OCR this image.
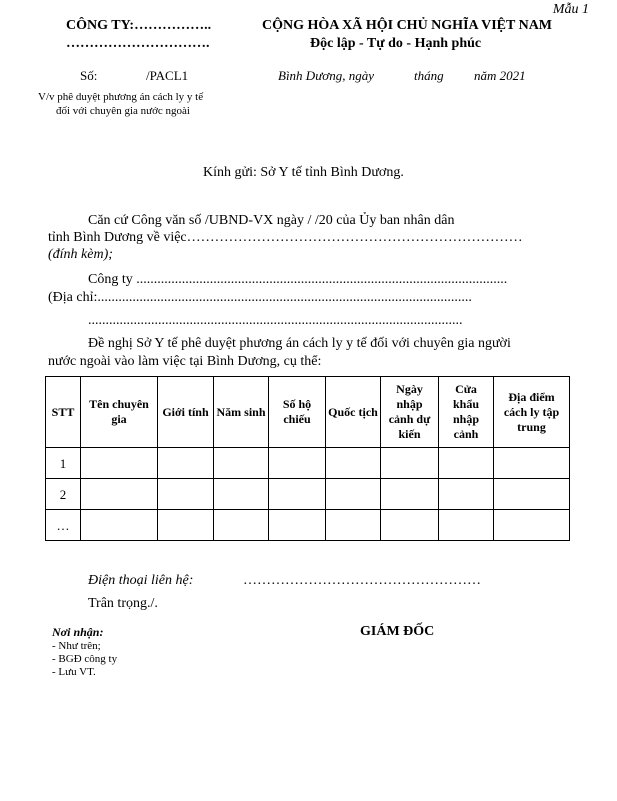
Mẫu 1
CÔNG TY:……………..
………………………….
CỘNG HÒA XÃ HỘI CHỦ NGHĨA VIỆT NAM
Độc lập - Tự do - Hạnh phúc
Số:	/PACL1	Bình Dương, ngày	tháng năm 2021
V/v phê duyệt phương án cách ly y tế
đối với chuyên gia nước ngoài
Kính gửi: Sở Y tế tỉnh Bình Dương.
Căn cứ Công văn số /UBND-VX ngày / /20 của Ủy ban nhân dân
tỉnh Bình Dương về việc………………………………………………………………
(đính kèm);
Công ty ..........................................................................................................
(Địa chỉ:...........................................................................................................
...........................................................................................................
Đề nghị Sở Y tế phê duyệt phương án cách ly y tế đối với chuyên gia người
nước ngoài vào làm việc tại Bình Dương, cụ thể:
STT	Tên chuyên gia	Giới tính	Năm sinh	Số hộ chiếu	Quốc tịch	Ngày nhập cảnh dự kiến	Cửa khẩu nhập cảnh	Địa điểm cách ly tập trung
1								
2								
…								
Điện thoại liên hệ:	……………………………………………
Trân trọng./.
Nơi nhận:
- Như trên;
- BGĐ công ty
- Lưu VT.
GIÁM ĐỐC
